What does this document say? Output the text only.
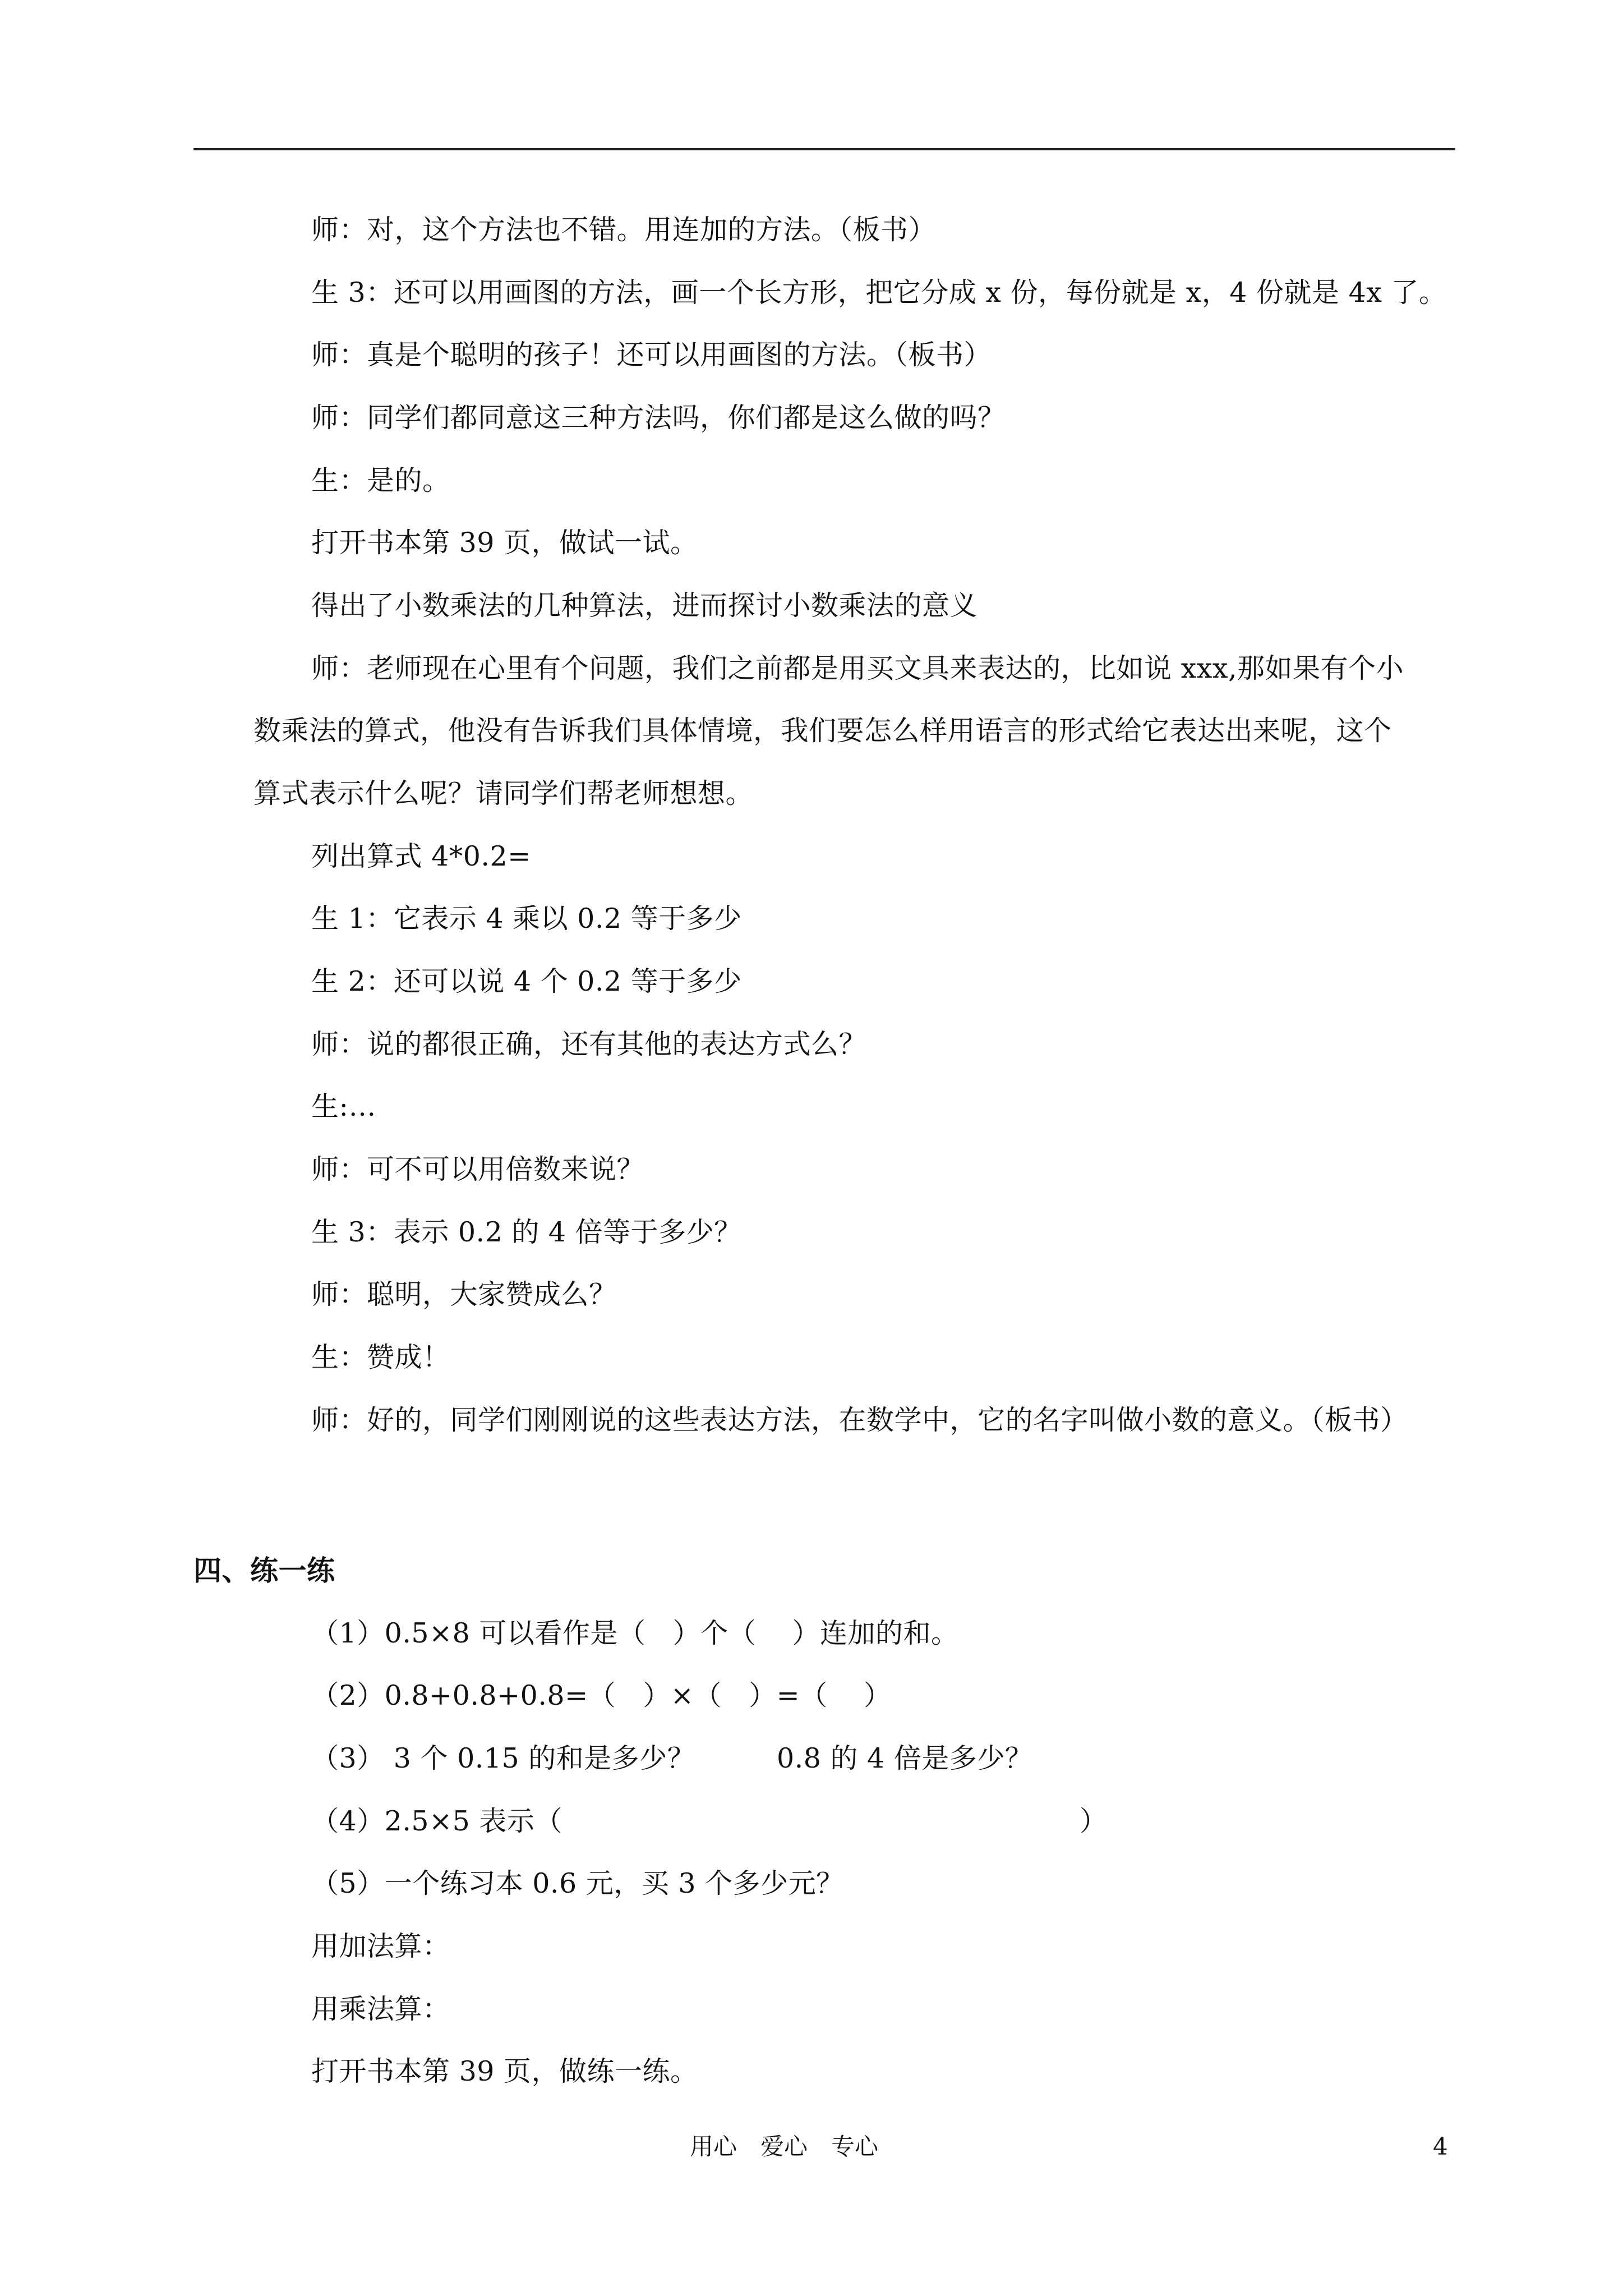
师：对，这个方法也不错。用连加的方法。（板书）
生 3：还可以用画图的方法，画一个长方形，把它分成 x 份，每份就是 x，4 份就是 4x 了。
师：真是个聪明的孩子！还可以用画图的方法。（板书）
师：同学们都同意这三种方法吗，你们都是这么做的吗？
生：是的。
打开书本第 39 页，做试一试。
得出了小数乘法的几种算法，进而探讨小数乘法的意义
师：老师现在心里有个问题，我们之前都是用买文具来表达的，比如说 xxx,那如果有个小
数乘法的算式，他没有告诉我们具体情境，我们要怎么样用语言的形式给它表达出来呢，这个
算式表示什么呢？请同学们帮老师想想。
列出算式 4*0.2=
生 1：它表示 4 乘以 0.2 等于多少
生 2：还可以说 4 个 0.2 等于多少
师：说的都很正确，还有其他的表达方式么？
生:…
师：可不可以用倍数来说？
生 3：表示 0.2 的 4 倍等于多少？
师：聪明，大家赞成么？
生：赞成！
师：好的，同学们刚刚说的这些表达方法，在数学中，它的名字叫做小数的意义。（板书）
四、练一练
（1）0.5×8 可以看作是（   ）个（    ）连加的和。
（2）0.8+0.8+0.8=（   ）×（   ）=（    ）
（3） 3 个 0.15 的和是多少？	0.8 的 4 倍是多少？
（4）2.5×5 表示（	）
（5）一个练习本 0.6 元，买 3 个多少元？
用加法算：
用乘法算：
打开书本第 39 页，做练一练。
用心　爱心　专心	4
